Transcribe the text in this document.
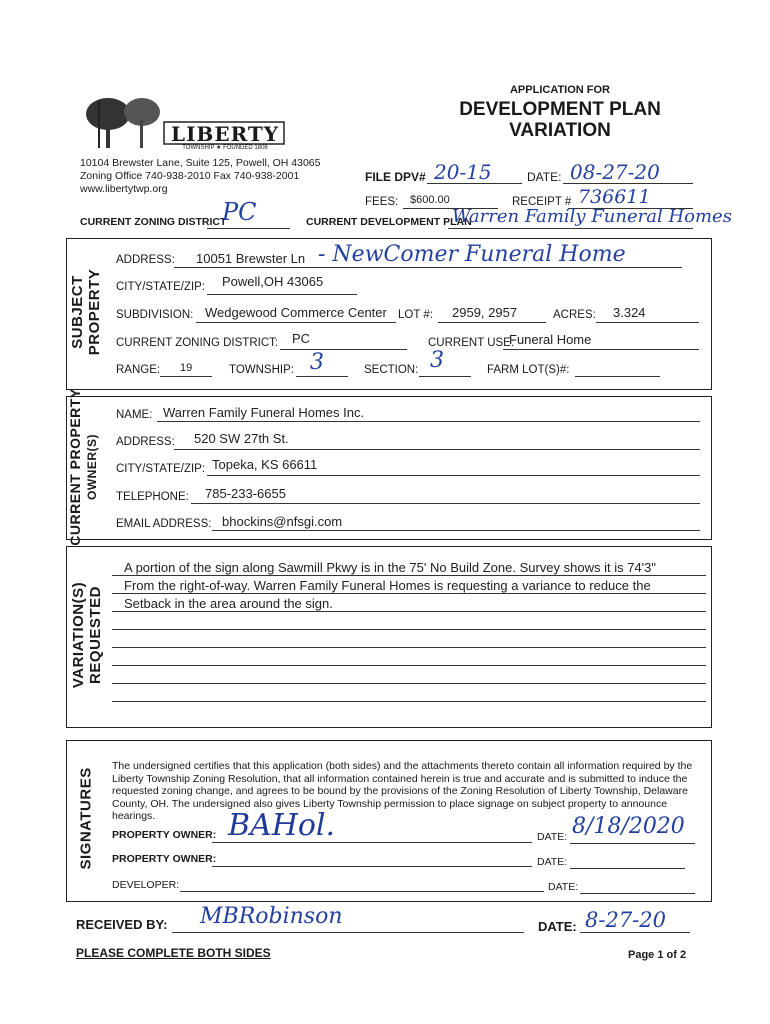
APPLICATION FOR
DEVELOPMENT PLAN
VARIATION
LIBERTY
TOWNSHIP ★ FOUNDED 1808
10104 Brewster Lane, Suite 125, Powell, OH 43065
Zoning Office 740-938-2010 Fax 740-938-2001
www.libertytwp.org
FILE DPV# 20-15	DATE: 08-27-20
FEES: $600.00	RECEIPT # 736611
CURRENT ZONING DISTRICT
PC	CURRENT DEVELOPMENT PLAN
Warren Family Funeral Homes
SUBJECT PROPERTY
ADDRESS: 10051 Brewster Ln - NewComer Funeral Home
CITY/STATE/ZIP: Powell,OH 43065
SUBDIVISION: Wedgewood Commerce Center LOT #: 2959, 2957	ACRES: 3.324
CURRENT ZONING DISTRICT: PC	CURRENT USE:
Funeral Home
RANGE: 19	TOWNSHIP: 3	SECTION: 3	FARM LOT(S)#:
CURRENT PROPERTY OWNER(S)
NAME: Warren Family Funeral Homes Inc.
ADDRESS: 520 SW 27th St.
CITY/STATE/ZIP: Topeka, KS 66611
TELEPHONE: 785-233-6655
EMAIL ADDRESS: bhockins@nfsgi.com
VARIATION(S) REQUESTED
A portion of the sign along Sawmill Pkwy is in the 75' No Build Zone. Survey shows it is 74'3"
From the right-of-way. Warren Family Funeral Homes is requesting a variance to reduce the
Setback in the area around the sign.
SIGNATURES
The undersigned certifies that this application (both sides) and the attachments thereto contain all information required by the Liberty Township Zoning Resolution, that all information contained herein is true and accurate and is submitted to induce the requested zoning change, and agrees to be bound by the provisions of the Zoning Resolution of Liberty Township, Delaware County, OH. The undersigned also gives Liberty Township permission to place signage on subject property to announce hearings.
PROPERTY OWNER: BAHol.	DATE: 8/18/2020
PROPERTY OWNER:	DATE:
DEVELOPER:	DATE:
RECEIVED BY: MBRobinson	DATE: 8-27-20
PLEASE COMPLETE BOTH SIDES	Page 1 of 2
